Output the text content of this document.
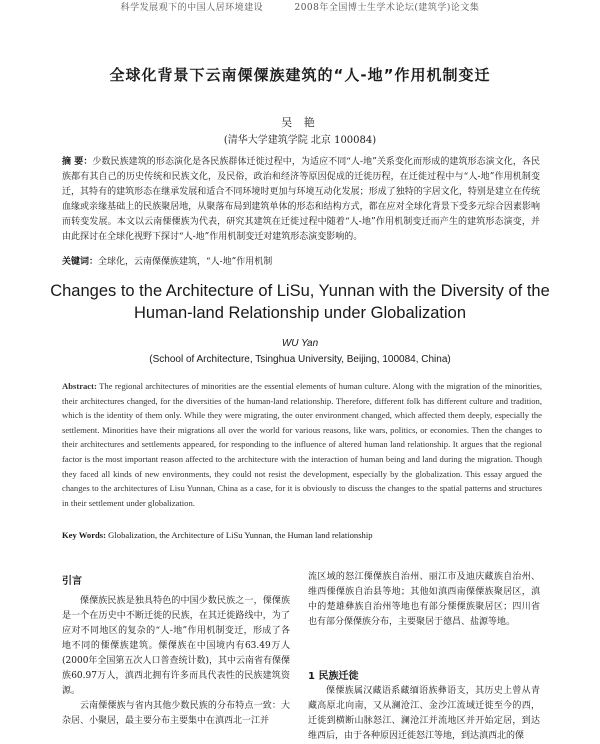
科学发展观下的中国人居环境建设	2008年全国博士生学术论坛(建筑学)论文集
全球化背景下云南傈僳族建筑的“人-地”作用机制变迁
吴 艳
(清华大学建筑学院 北京 100084)
摘 要：少数民族建筑的形态演化是各民族群体迁徙过程中，为适应不同“人-地”关系变化而形成的建筑形态演文化，各民族都有其自己的历史传统和民族文化，及民俗，政治和经济等原因促成的迁徙历程，在迁徙过程中与“人-地”作用机制变迁，其特有的建筑形态在继承发展和适合不同环境时更加与环境互动化发展；形成了独特的字居文化，特别是建立在传统血缘或亲缘基础上的民族聚居地，从聚落布局到建筑单体的形态和结构方式，都在应对全球化背景下受多元综合因素影响而转变发展。本文以云南傈僳族为代表，研究其建筑在迁徙过程中随着“人-地”作用机制变迁而产生的建筑形态演变，并由此探讨在全球化视野下探讨“人-地”作用机制变迁对建筑形态演变影响的。
关键词：全球化，云南傈僳族建筑，“人-地”作用机制
Changes to the Architecture of LiSu, Yunnan with the Diversity of the Human-land Relationship under Globalization
WU Yan
(School of Architecture, Tsinghua University, Beijing, 100084, China)
Abstract: The regional architectures of minorities are the essential elements of human culture. Along with the migration of the minorities, their architectures changed, for the diversities of the human-land relationship. Therefore, different folk has different culture and tradition, which is the identity of them only. While they were migrating, the outer environment changed, which affected them deeply, especially the settlement. Minorities have their migrations all over the world for various reasons, like wars, politics, or economies. Then the changes to their architectures and settlements appeared, for responding to the influence of altered human land relationship. It argues that the regional factor is the most important reason affected to the architecture with the interaction of human being and land during the migration. Though they faced all kinds of new environments, they could not resist the development, especially by the globalization. This essay argued the changes to the architectures of Lisu Yunnan, China as a case, for it is obviously to discuss the changes to the spatial patterns and structures in their settlement under globalization.
Key Words: Globalization, the Architecture of LiSu Yunnan, the Human land relationship
引言

傈僳族民族是独具特色的中国少数民族之一，傈僳族是一个在历史中不断迁徙的民族，在其迁徙路线中，为了应对不同地区的复杂的“人-地”作用机制变迁，形成了各地不同的傈僳族建筑。傈僳族在中国境内有63.49万人(2000年全国第五次人口普查统计数)，其中云南省有傈僳族60.97万人，滇西北拥有许多而具代表性的民族建筑资源。

云南傈僳族与省内其他少数民族的分布特点一致：大杂居、小聚居，最主要分布主要集中在滇西北一江并

流区域的怒江傈僳族自治州、丽江市及迪庆藏族自治州、维西傈僳族自治县等地；其他如滇西南傈僳族聚居区，滇中的楚雄彝族自治州等地也有部分傈僳族聚居区；四川省也有部分傈僳族分布，主要聚居于德昌、盐源等地。

1 民族迁徙

傈僳族属汉藏语系藏缅语族彝语支，其历史上曾从青藏高原北向南，又从澜沧江、金沙江流域迁徙至今的西，迁徙到横断山脉怒江、澜沧江并流地区并开始定居，到达维西后，由于各种原因迁徙怒江等地，到达滇西北的傈
